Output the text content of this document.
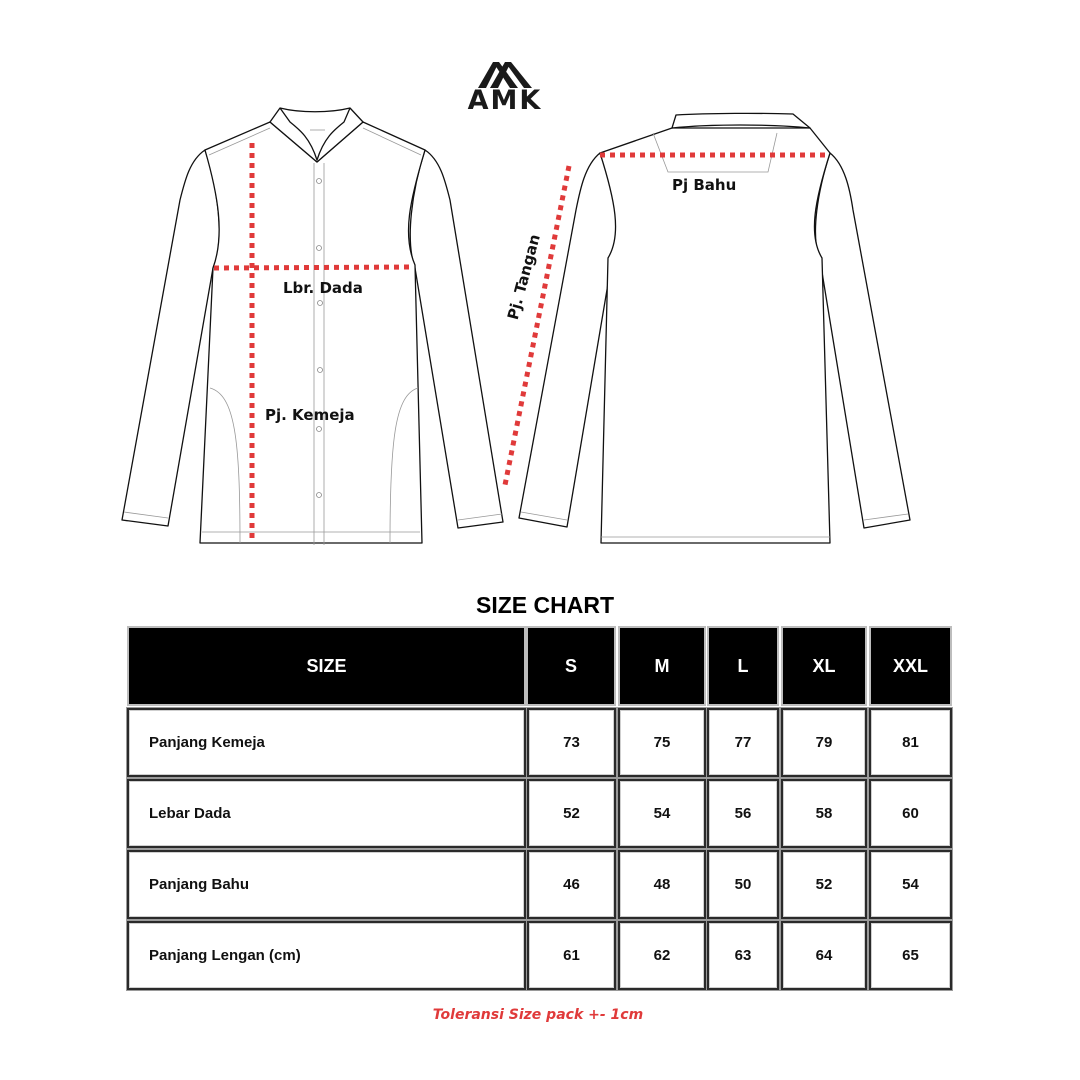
AMK
Lbr. Dada
Pj. Kemeja
Pj Bahu
Pj. Tangan
SIZE CHART
SIZE	S	M	L	XL	XXL
Panjang Kemeja	73	75	77	79	81
Lebar Dada	52	54	56	58	60
Panjang Bahu	46	48	50	52	54
Panjang Lengan (cm)	61	62	63	64	65
Toleransi Size pack +- 1cm
